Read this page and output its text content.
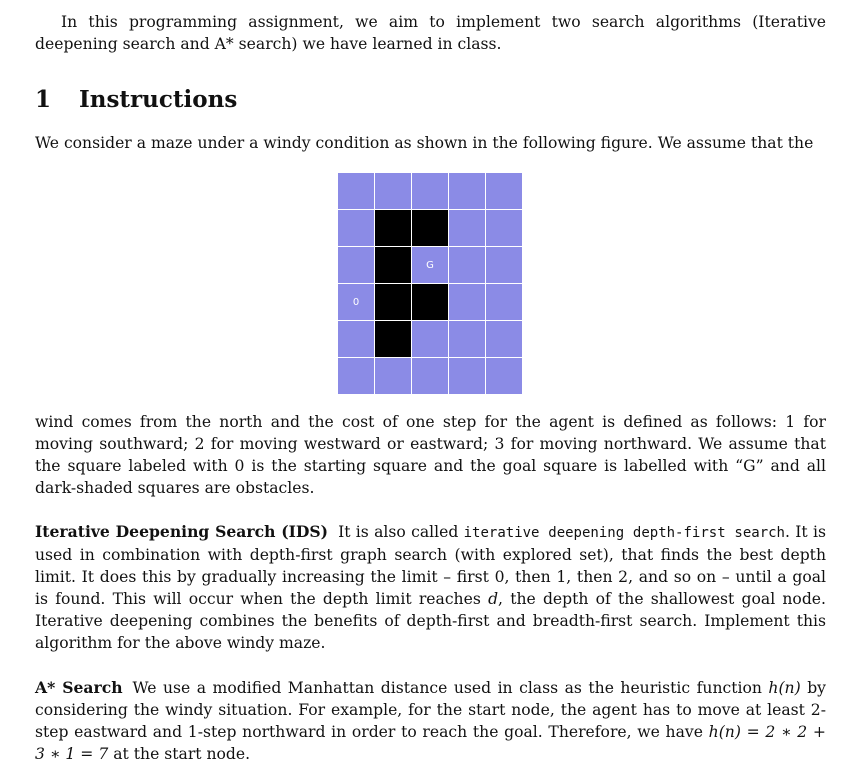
In this programming assignment, we aim to implement two search algorithms (Iterative deepening search and A* search) we have learned in class.

1 Instructions

We consider a maze under a windy condition as shown in the following figure. We assume that the

G
0

wind comes from the north and the cost of one step for the agent is defined as follows: 1 for moving southward; 2 for moving westward or eastward; 3 for moving northward. We assume that the square labeled with 0 is the starting square and the goal square is labelled with “G” and all dark-shaded squares are obstacles.

Iterative Deepening Search (IDS) It is also called iterative deepening depth-first search. It is used in combination with depth-first graph search (with explored set), that finds the best depth limit. It does this by gradually increasing the limit – first 0, then 1, then 2, and so on – until a goal is found. This will occur when the depth limit reaches d, the depth of the shallowest goal node. Iterative deepening combines the benefits of depth-first and breadth-first search. Implement this algorithm for the above windy maze.

A* Search We use a modified Manhattan distance used in class as the heuristic function h(n) by considering the windy situation. For example, for the start node, the agent has to move at least 2-step eastward and 1-step northward in order to reach the goal. Therefore, we have h(n) = 2 ∗ 2 + 3 ∗ 1 = 7 at the start node.
